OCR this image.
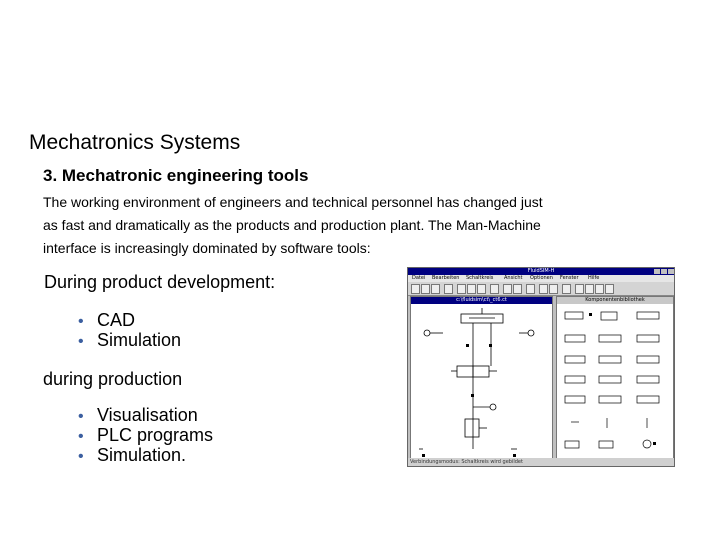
Mechatronics Systems
3. Mechatronic engineering tools
The working environment of engineers and technical personnel has changed just
as fast and dramatically as the products and production plant. The Man-Machine
interface is increasingly dominated by software tools:
During product development:
• CAD
• Simulation
during production
• Visualisation
• PLC programs
• Simulation.
FluidSIM-H
Datei Bearbeiten Schaltkreis Ansicht Optionen Fenster Hilfe
c:\fluidsim\ct\_ct6.ct	Komponentenbibliothek
Verbindungsmodus: Schaltkreis wird gebildet
